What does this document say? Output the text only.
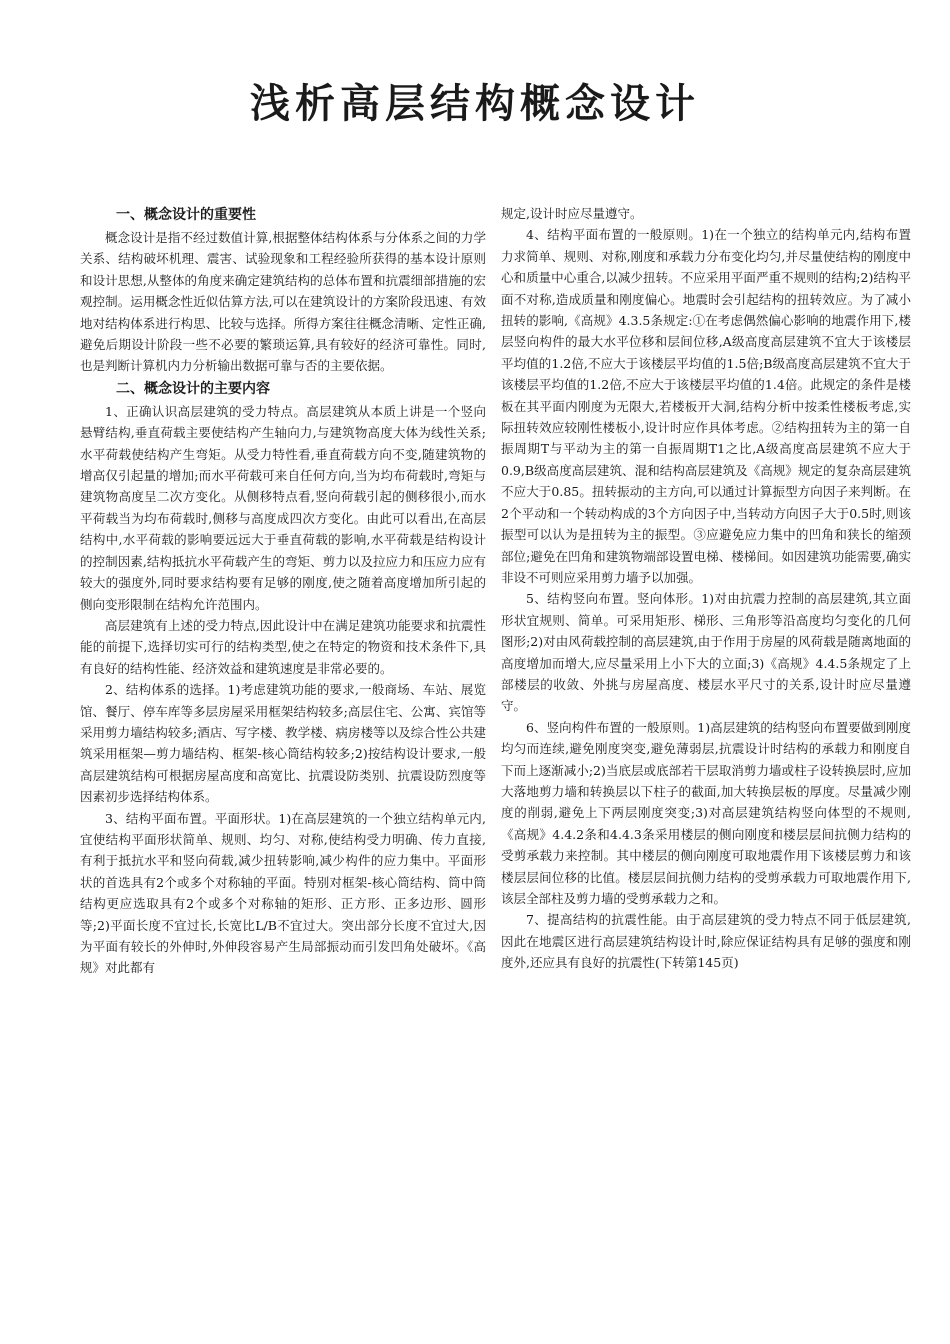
浅析高层结构概念设计
一、概念设计的重要性

概念设计是指不经过数值计算,根据整体结构体系与分体系之间的力学关系、结构破坏机理、震害、试验现象和工程经验所获得的基本设计原则和设计思想,从整体的角度来确定建筑结构的总体布置和抗震细部措施的宏观控制。运用概念性近似估算方法,可以在建筑设计的方案阶段迅速、有效地对结构体系进行构思、比较与选择。所得方案往往概念清晰、定性正确,避免后期设计阶段一些不必要的繁琐运算,具有较好的经济可靠性。同时,也是判断计算机内力分析输出数据可靠与否的主要依据。

二、概念设计的主要内容

1、正确认识高层建筑的受力特点。高层建筑从本质上讲是一个竖向悬臂结构,垂直荷载主要使结构产生轴向力,与建筑物高度大体为线性关系;水平荷载使结构产生弯矩。从受力特性看,垂直荷载方向不变,随建筑物的增高仅引起量的增加;而水平荷载可来自任何方向,当为均布荷载时,弯矩与建筑物高度呈二次方变化。从侧移特点看,竖向荷载引起的侧移很小,而水平荷载当为均布荷载时,侧移与高度成四次方变化。由此可以看出,在高层结构中,水平荷载的影响要远远大于垂直荷载的影响,水平荷载是结构设计的控制因素,结构抵抗水平荷载产生的弯矩、剪力以及拉应力和压应力应有较大的强度外,同时要求结构要有足够的刚度,使之随着高度增加所引起的侧向变形限制在结构允许范围内。

高层建筑有上述的受力特点,因此设计中在满足建筑功能要求和抗震性能的前提下,选择切实可行的结构类型,使之在特定的物资和技术条件下,具有良好的结构性能、经济效益和建筑速度是非常必要的。

2、结构体系的选择。1)考虑建筑功能的要求,一般商场、车站、展览馆、餐厅、停车库等多层房屋采用框架结构较多;高层住宅、公寓、宾馆等采用剪力墙结构较多;酒店、写字楼、教学楼、病房楼等以及综合性公共建筑采用框架—剪力墙结构、框架-核心筒结构较多;2)按结构设计要求,一般高层建筑结构可根据房屋高度和高宽比、抗震设防类别、抗震设防烈度等因素初步选择结构体系。

3、结构平面布置。平面形状。1)在高层建筑的一个独立结构单元内,宜使结构平面形状简单、规则、均匀、对称,使结构受力明确、传力直接,有利于抵抗水平和竖向荷载,减少扭转影响,减少构件的应力集中。平面形状的首选具有2个或多个对称轴的平面。特别对框架-核心筒结构、筒中筒结构更应选取具有2个或多个对称轴的矩形、正方形、正多边形、圆形等;2)平面长度不宜过长,长宽比L/B不宜过大。突出部分长度不宜过大,因为平面有较长的外伸时,外伸段容易产生局部振动而引发凹角处破坏。《高规》对此都有

规定,设计时应尽量遵守。

4、结构平面布置的一般原则。1)在一个独立的结构单元内,结构布置力求简单、规则、对称,刚度和承载力分布变化均匀,并尽量使结构的刚度中心和质量中心重合,以减少扭转。不应采用平面严重不规则的结构;2)结构平面不对称,造成质量和刚度偏心。地震时会引起结构的扭转效应。为了减小扭转的影响,《高规》4.3.5条规定:①在考虑偶然偏心影响的地震作用下,楼层竖向构件的最大水平位移和层间位移,A级高度高层建筑不宜大于该楼层平均值的1.2倍,不应大于该楼层平均值的1.5倍;B级高度高层建筑不宜大于该楼层平均值的1.2倍,不应大于该楼层平均值的1.4倍。此规定的条件是楼板在其平面内刚度为无限大,若楼板开大洞,结构分析中按柔性楼板考虑,实际扭转效应较刚性楼板小,设计时应作具体考虑。②结构扭转为主的第一自振周期T与平动为主的第一自振周期T1之比,A级高度高层建筑不应大于0.9,B级高度高层建筑、混和结构高层建筑及《高规》规定的复杂高层建筑不应大于0.85。扭转振动的主方向,可以通过计算振型方向因子来判断。在2个平动和一个转动构成的3个方向因子中,当转动方向因子大于0.5时,则该振型可以认为是扭转为主的振型。③应避免应力集中的凹角和狭长的缩颈部位;避免在凹角和建筑物端部设置电梯、楼梯间。如因建筑功能需要,确实非设不可则应采用剪力墙予以加强。

5、结构竖向布置。竖向体形。1)对由抗震力控制的高层建筑,其立面形状宜规则、简单。可采用矩形、梯形、三角形等沿高度均匀变化的几何图形;2)对由风荷载控制的高层建筑,由于作用于房屋的风荷载是随离地面的高度增加而增大,应尽量采用上小下大的立面;3)《高规》4.4.5条规定了上部楼层的收敛、外挑与房屋高度、楼层水平尺寸的关系,设计时应尽量遵守。

6、竖向构件布置的一般原则。1)高层建筑的结构竖向布置要做到刚度均匀而连续,避免刚度突变,避免薄弱层,抗震设计时结构的承载力和刚度自下而上逐渐减小;2)当底层或底部若干层取消剪力墙或柱子设转换层时,应加大落地剪力墙和转换层以下柱子的截面,加大转换层板的厚度。尽量减少刚度的削弱,避免上下两层刚度突变;3)对高层建筑结构竖向体型的不规则,《高规》4.4.2条和4.4.3条采用楼层的侧向刚度和楼层层间抗侧力结构的受剪承载力来控制。其中楼层的侧向刚度可取地震作用下该楼层剪力和该楼层层间位移的比值。楼层层间抗侧力结构的受剪承载力可取地震作用下,该层全部柱及剪力墙的受剪承载力之和。

7、提高结构的抗震性能。由于高层建筑的受力特点不同于低层建筑,因此在地震区进行高层建筑结构设计时,除应保证结构具有足够的强度和刚度外,还应具有良好的抗震性(下转第145页)
